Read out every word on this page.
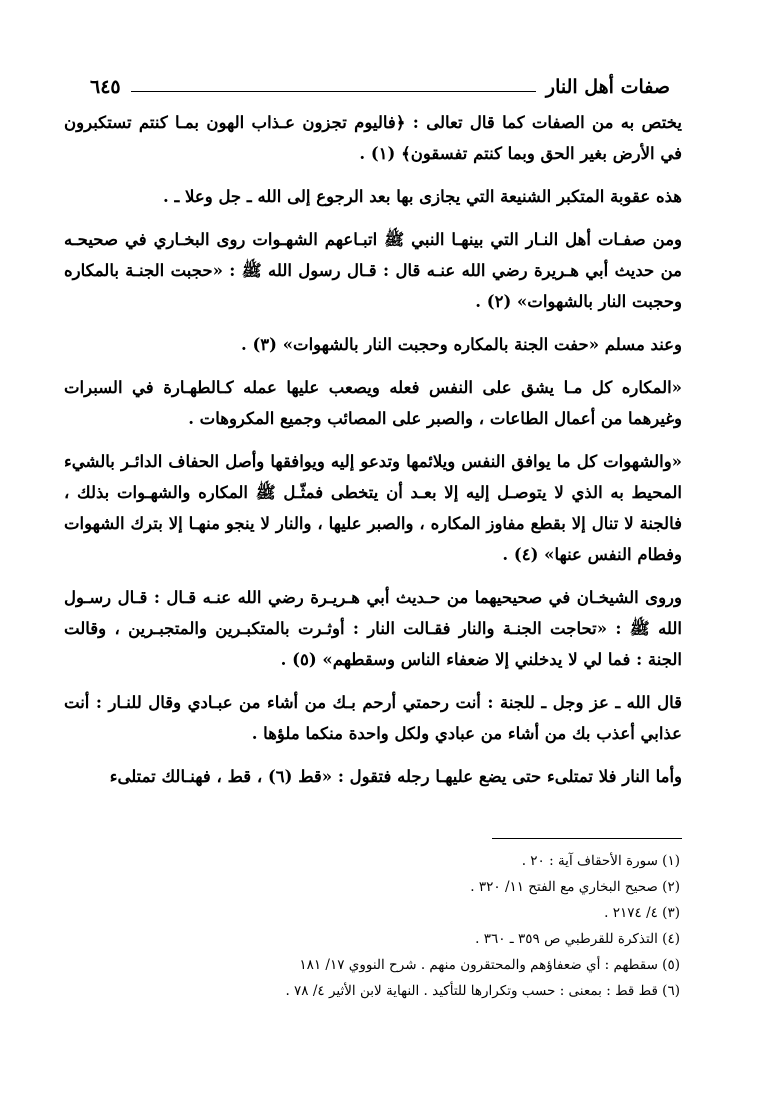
صفات أهل النار
٦٤٥

يختص به من الصفات كما قال تعالى : ﴿فاليوم تجزون عـذاب الهون بمـا كنتم تستكبرون في الأرض بغير الحق وبما كنتم تفسقون﴾ (١) .

هذه عقوبة المتكبر الشنيعة التي يجازى بها بعد الرجوع إلى الله ـ جل وعلا ـ .

ومن صفـات أهل النـار التي بينهـا النبي ﷺ اتبـاعهم الشهـوات روى البخـاري في صحيحـه من حديث أبي هـريرة رضي الله عنـه قال : قـال رسول الله ﷺ : «حجبت الجنـة بالمكاره وحجبت النار بالشهوات» (٢) .

وعند مسلم «حفت الجنة بالمكاره وحجبت النار بالشهوات» (٣) .

«المكاره كل مـا يشق على النفس فعله ويصعب عليها عمله كـالطهـارة في السبرات وغيرهما من أعمال الطاعات ، والصبر على المصائب وجميع المكروهات .

«والشهوات كل ما يوافق النفس ويلائمها وتدعو إليه ويوافقها وأصل الحفاف الدائـر بالشيء المحيط به الذي لا يتوصـل إليه إلا بعـد أن يتخطى فمثّـل ﷺ المكاره والشهـوات بذلك ، فالجنة لا تنال إلا بقطع مفاوز المكاره ، والصبر عليها ، والنار لا ينجو منهـا إلا بترك الشهوات وفطام النفس عنها» (٤) .

وروى الشيخـان في صحيحيهما من حـديث أبي هـريـرة رضي الله عنـه قـال : قـال رسـول الله ﷺ : «تحاجت الجنـة والنار فقـالت النار : أوثـرت بالمتكبـرين والمتجبـرين ، وقالت الجنة : فما لي لا يدخلني إلا ضعفاء الناس وسقطهم» (٥) .

قال الله ـ عز وجل ـ للجنة : أنت رحمتي أرحم بـك من أشاء من عبـادي وقال للنـار : أنت عذابي أعذب بك من أشاء من عبادي ولكل واحدة منكما ملؤها .

وأما النار فلا تمتلىء حتى يضع عليهـا رجله فتقول : «قط (٦) ، قط ، فهنـالك تمتلىء

(١) سورة الأحقاف آية : ٢٠ .
(٢) صحيح البخاري مع الفتح ١١/ ٣٢٠ .
(٣) ٤/ ٢١٧٤ .
(٤) التذكرة للقرطبي ص ٣٥٩ ـ ٣٦٠ .
(٥) سقطهم : أي ضعفاؤهم والمحتقرون منهم . شرح النووي ١٧/ ١٨١
(٦) قط قط : بمعنى : حسب وتكرارها للتأكيد . النهاية لابن الأثير ٤/ ٧٨ .
